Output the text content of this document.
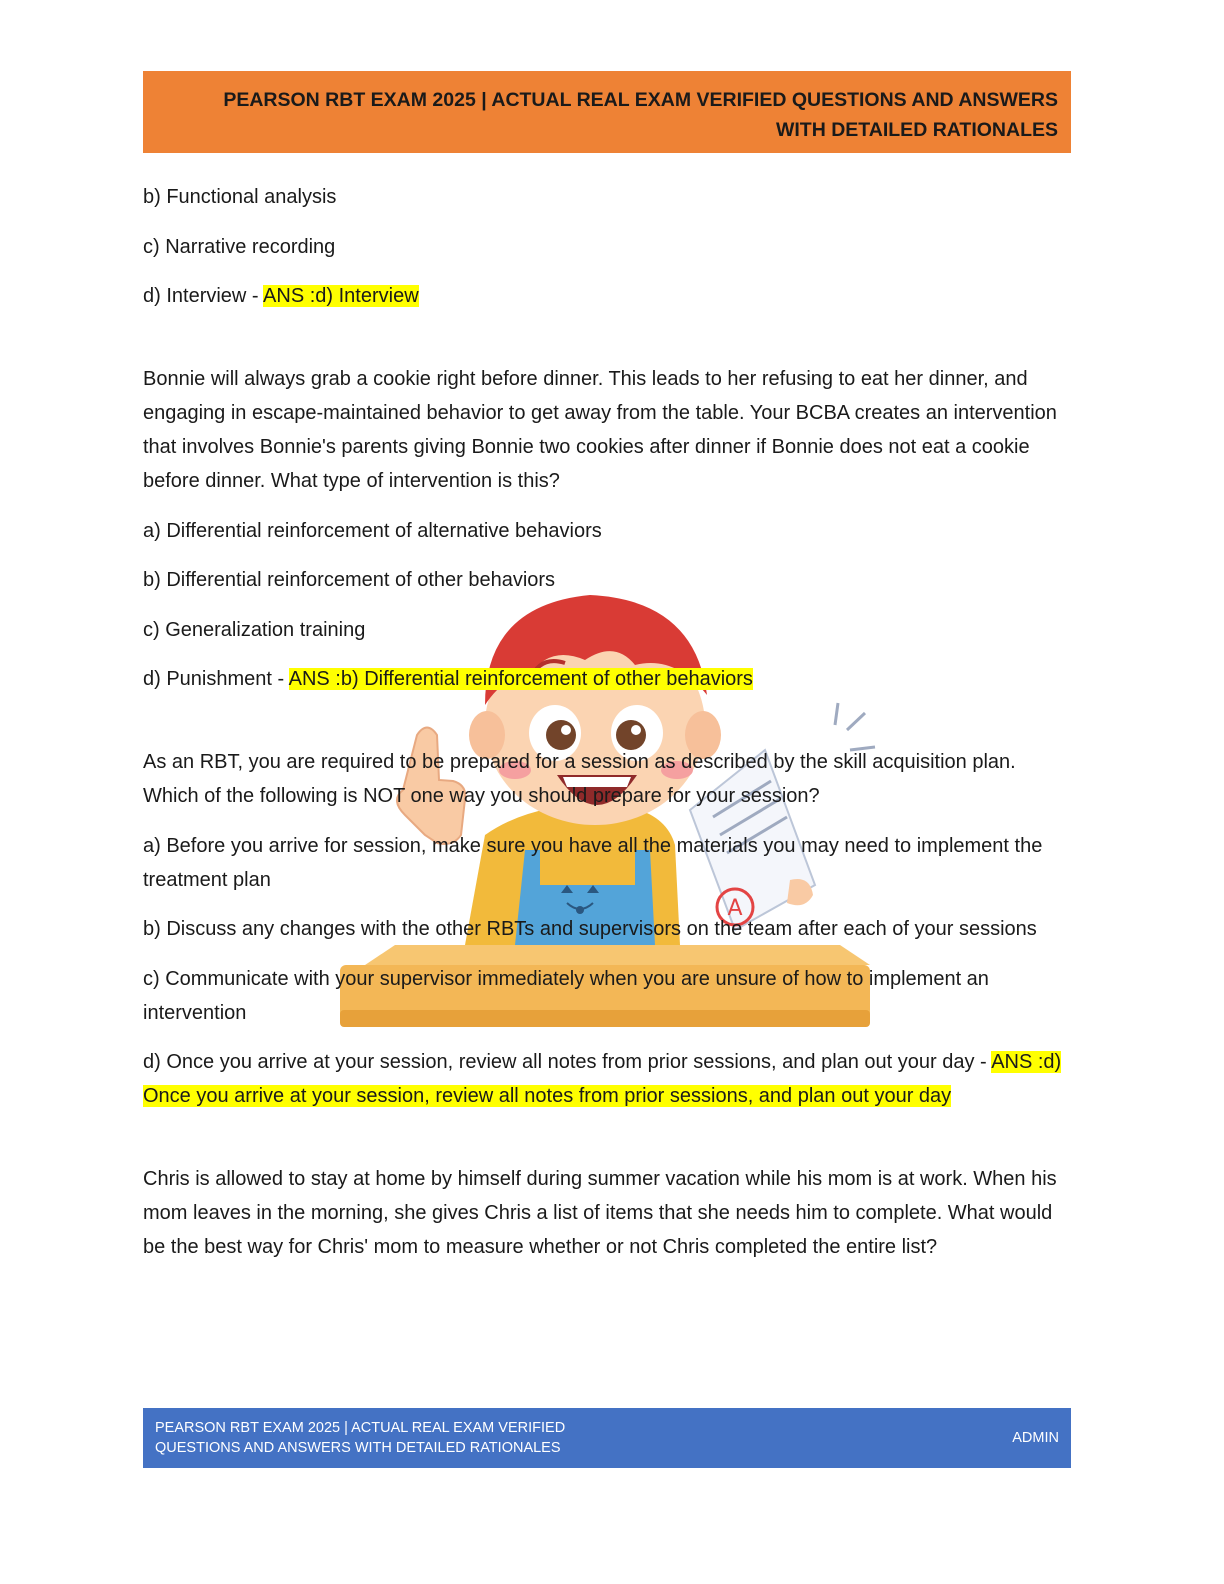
PEARSON RBT EXAM 2025 | ACTUAL REAL EXAM VERIFIED QUESTIONS AND ANSWERS
WITH DETAILED RATIONALES
A

b) Functional analysis

c) Narrative recording

d) Interview - ANS :d) Interview

Bonnie will always grab a cookie right before dinner. This leads to her refusing to eat her dinner, and engaging in escape-maintained behavior to get away from the table. Your BCBA creates an intervention that involves Bonnie's parents giving Bonnie two cookies after dinner if Bonnie does not eat a cookie before dinner. What type of intervention is this?

a) Differential reinforcement of alternative behaviors

b) Differential reinforcement of other behaviors

c) Generalization training

d) Punishment - ANS :b) Differential reinforcement of other behaviors

As an RBT, you are required to be prepared for a session as described by the skill acquisition plan. Which of the following is NOT one way you should prepare for your session?

a) Before you arrive for session, make sure you have all the materials you may need to implement the treatment plan

b) Discuss any changes with the other RBTs and supervisors on the team after each of your sessions

c) Communicate with your supervisor immediately when you are unsure of how to implement an intervention

d) Once you arrive at your session, review all notes from prior sessions, and plan out your day - ANS :d) Once you arrive at your session, review all notes from prior sessions, and plan out your day

Chris is allowed to stay at home by himself during summer vacation while his mom is at work. When his mom leaves in the morning, she gives Chris a list of items that she needs him to complete. What would be the best way for Chris' mom to measure whether or not Chris completed the entire list?

PEARSON RBT EXAM 2025 | ACTUAL REAL EXAM VERIFIED
QUESTIONS AND ANSWERS WITH DETAILED RATIONALES
ADMIN
